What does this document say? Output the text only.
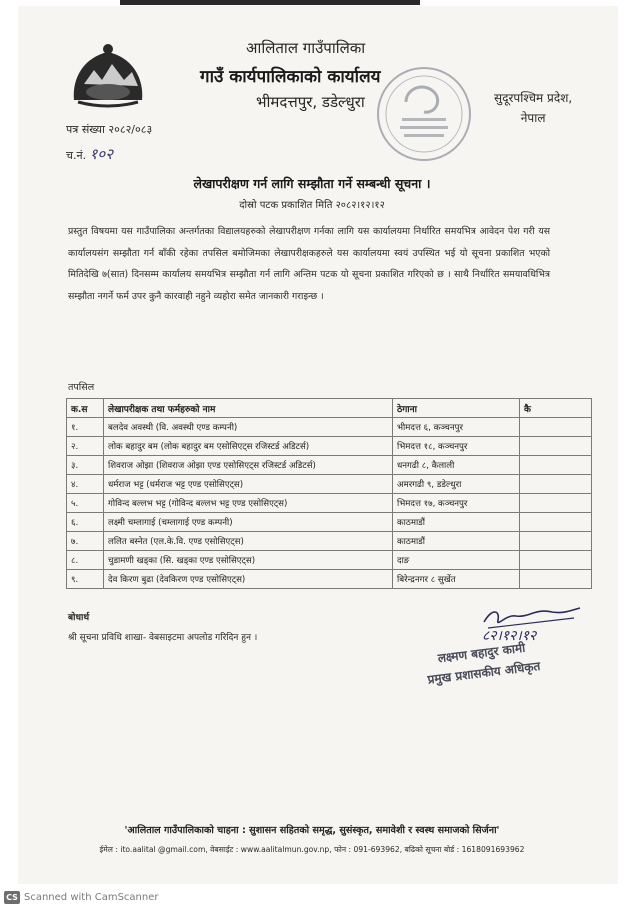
आलिताल गाउँपालिका
गाउँ कार्यपालिकाको कार्यालय
भीमदत्तपुर, डडेल्धुरा	सुदूरपश्चिम प्रदेश,
नेपाल
पत्र संख्या २०८२/०८३
च.नं. १०२
लेखापरीक्षण गर्न लागि सम्झौता गर्ने सम्बन्धी सूचना ।
दोस्रो पटक प्रकाशित मिति २०८२।१२।१२
प्रस्तुत विषयमा यस गाउँपालिका अन्तर्गतका विद्यालयहरुको लेखापरीक्षण गर्नका लागि यस कार्यालयमा निर्धारित समयभित्र आवेदन पेश गरी यस कार्यालयसंग सम्झौता गर्न बाँकी रहेका तपसिल बमोजिमका लेखापरीक्षकहरुले यस कार्यालयमा स्वयं उपस्थित भई यो सूचना प्रकाशित भएको मितिदेखि ७(सात) दिनसम्म कार्यालय समयभित्र सम्झौता गर्न लागि अन्तिम पटक यो सूचना प्रकाशित गरिएको छ । साथै निर्धारित समयावधिभित्र सम्झौता नगर्ने फर्म उपर कुनै कारवाही नहुने व्यहोरा समेत जानकारी गराइन्छ ।
तपसिल
क.स	लेखापरीक्षक तथा फर्महरुको नाम	ठेगाना	कै
१.	बलदेव अवस्थी (वि. अवस्थी एण्ड कम्पनी)	भीमदत्त ६, कञ्चनपुर	
२.	लोक बहादुर बम (लोक बहादुर बम एसोसिएट्स रजिस्टर्ड अडिटर्स)	भिमदत्त १८, कञ्चनपुर	
३.	शिवराज ओझा (शिवराज ओझा एण्ड एसोसिएट्स रजिस्टर्ड अडिटर्स)	धनगढी ८, कैलाली	
४.	धर्मराज भट्ट (धर्मराज भट्ट एण्ड एसोसिएट्स)	अमरगढी ९, डडेल्धुरा	
५.	गोविन्द बल्लभ भट्ट (गोविन्द बल्लभ भट्ट एण्ड एसोसिएट्स)	भिमदत्त १७, कञ्चनपुर	
६.	लक्ष्मी चम्लागाई (चम्लागाई एण्ड कम्पनी)	काठमाडौं	
७.	ललित बस्नेत (एल.के.वि. एण्ड एसोसिएट्स)	काठमाडौं	
८.	चुडामणी खड्का (सि. खड्का एण्ड एसोसिएट्स)	दाङ	
९.	देव किरण बुढा (देवकिरण एण्ड एसोसिएट्स)	बिरेन्द्रनगर ८ सुर्खेत	
बोधार्थ
श्री सूचना प्रविधि शाखा- वेबसाइटमा अपलोड गरिदिन हुन ।	८२।१२।१२
लक्ष्मण बहादुर कामी
प्रमुख प्रशासकीय अधिकृत
'आलिताल गाउँपालिकाको चाहना : सुशासन सहितको समृद्ध, सुसंस्कृत, समावेशी र स्वस्थ समाजको सिर्जना'
ईमेल : ito.aalital @gmail.com, वेबसाईट : www.aalitalmun.gov.np, फोन : 091-693962, बढिको सूचना बोर्ड : 1618091693962
CS Scanned with CamScanner
